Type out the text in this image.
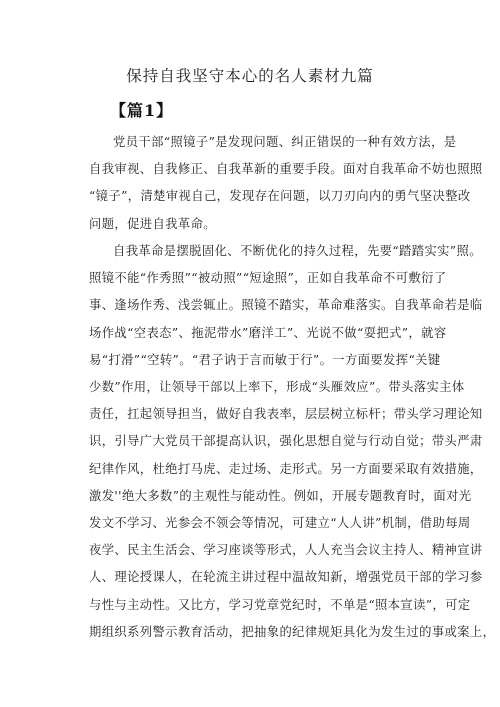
保持自我坚守本心的名人素材九篇
【篇1】
党员干部“照镜子”是发现问题、纠正错误的一种有效方法，是
自我审视、自我修正、自我革新的重要手段。面对自我革命不妨也照照
“镜子”，清楚审视自己，发现存在问题，以刀刃向内的勇气坚决整改
问题，促进自我革命。
自我革命是摆脱固化、不断优化的持久过程，先要“踏踏实实”照。
照镜不能“作秀照”“被动照”“短途照”，正如自我革命不可敷衍了
事、逢场作秀、浅尝辄止。照镜不踏实，革命难落实。自我革命若是临
场作战“空表态”、拖泥带水”磨洋工”、光说不做“耍把式”，就容
易“打滑”“空转”。“君子讷于言而敏于行”。一方面要发挥“关键
少数”作用，让领导干部以上率下，形成“头雁效应”。带头落实主体
责任，扛起领导担当，做好自我表率，层层树立标杆；带头学习理论知
识，引导广大党员干部提高认识，强化思想自觉与行动自觉；带头严肃
纪律作风，杜绝打马虎、走过场、走形式。另一方面要采取有效措施，
激发''绝大多数”的主观性与能动性。例如，开展专题教育时，面对光
发文不学习、光参会不领会等情况，可建立“人人讲”机制，借助每周
夜学、民主生活会、学习座谈等形式，人人充当会议主持人、精神宣讲
人、理论授课人，在轮流主讲过程中温故知新，增强党员干部的学习参
与性与主动性。又比方，学习党章党纪时，不单是“照本宣读”，可定
期组织系列警示教育活动，把抽象的纪律规矩具化为发生过的事或案上，
